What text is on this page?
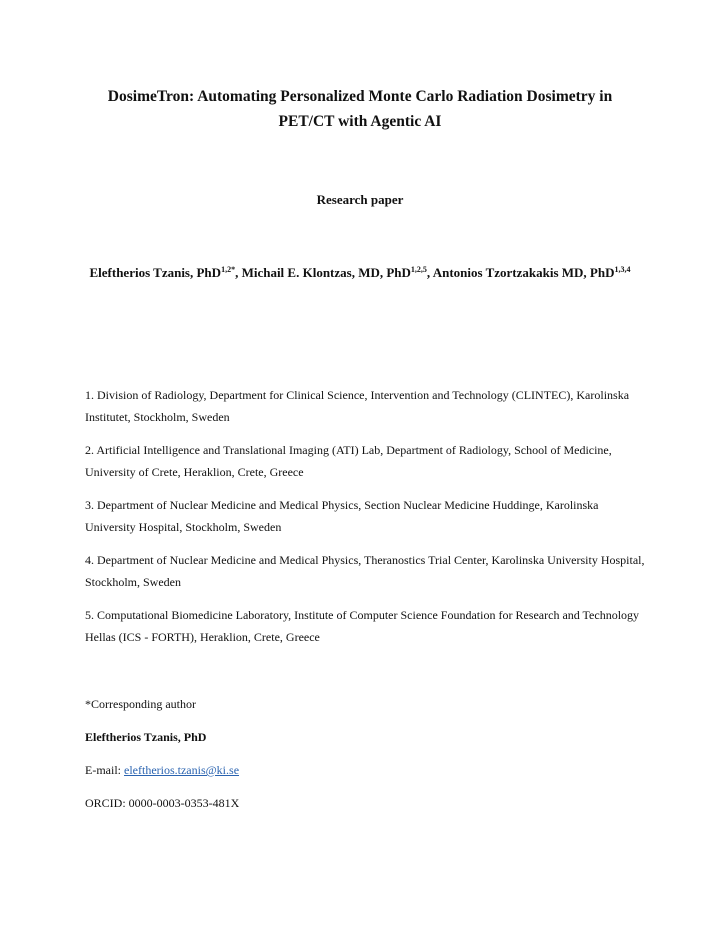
DosimeTron: Automating Personalized Monte Carlo Radiation Dosimetry in
PET/CT with Agentic AI
Research paper
Eleftherios Tzanis, PhD$^{1,2*}$, Michail E. Klontzas, MD, PhD$^{1,2,5}$, Antonios Tzortzakakis MD, PhD$^{1,3,4}$

1. Division of Radiology, Department for Clinical Science, Intervention and Technology (CLINTEC), Karolinska Institutet, Stockholm, Sweden

2. Artificial Intelligence and Translational Imaging (ATI) Lab, Department of Radiology, School of Medicine, University of Crete, Heraklion, Crete, Greece

3. Department of Nuclear Medicine and Medical Physics, Section Nuclear Medicine Huddinge, Karolinska University Hospital, Stockholm, Sweden

4. Department of Nuclear Medicine and Medical Physics, Theranostics Trial Center, Karolinska University Hospital, Stockholm, Sweden

5. Computational Biomedicine Laboratory, Institute of Computer Science Foundation for Research and Technology Hellas (ICS - FORTH), Heraklion, Crete, Greece

*Corresponding author
Eleftherios Tzanis, PhD
E-mail: eleftherios.tzanis@ki.se
ORCID: 0000-0003-0353-481X
